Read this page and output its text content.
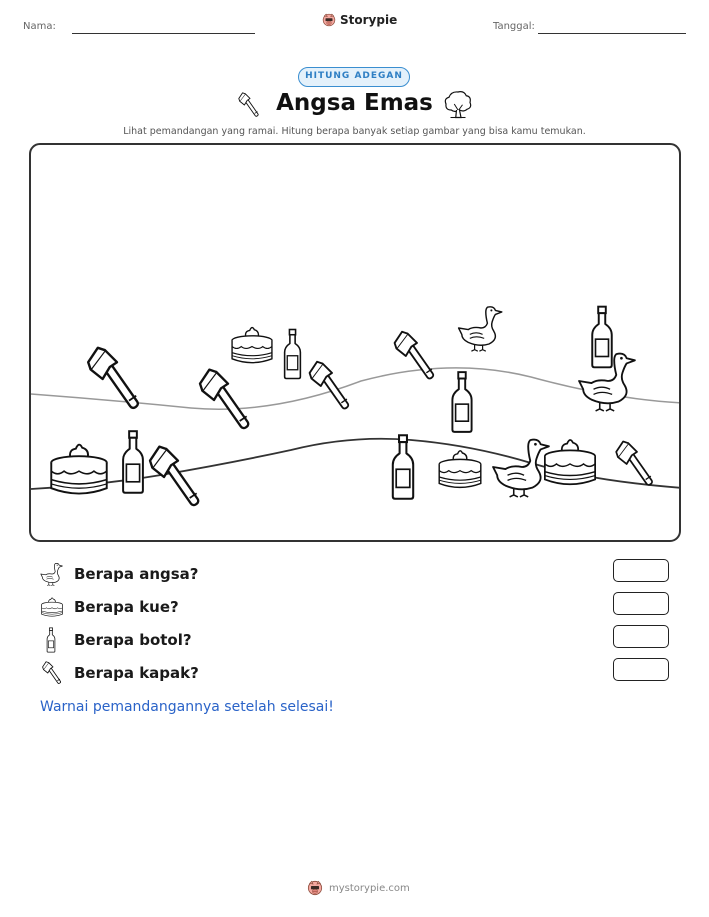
Nama:	Storypie	Tanggal:
HITUNG ADEGAN
Angsa Emas
Lihat pemandangan yang ramai. Hitung berapa banyak setiap gambar yang bisa kamu temukan.
Berapa angsa?
Berapa kue?
Berapa botol?
Berapa kapak?
Warnai pemandangannya setelah selesai!
mystorypie.com
